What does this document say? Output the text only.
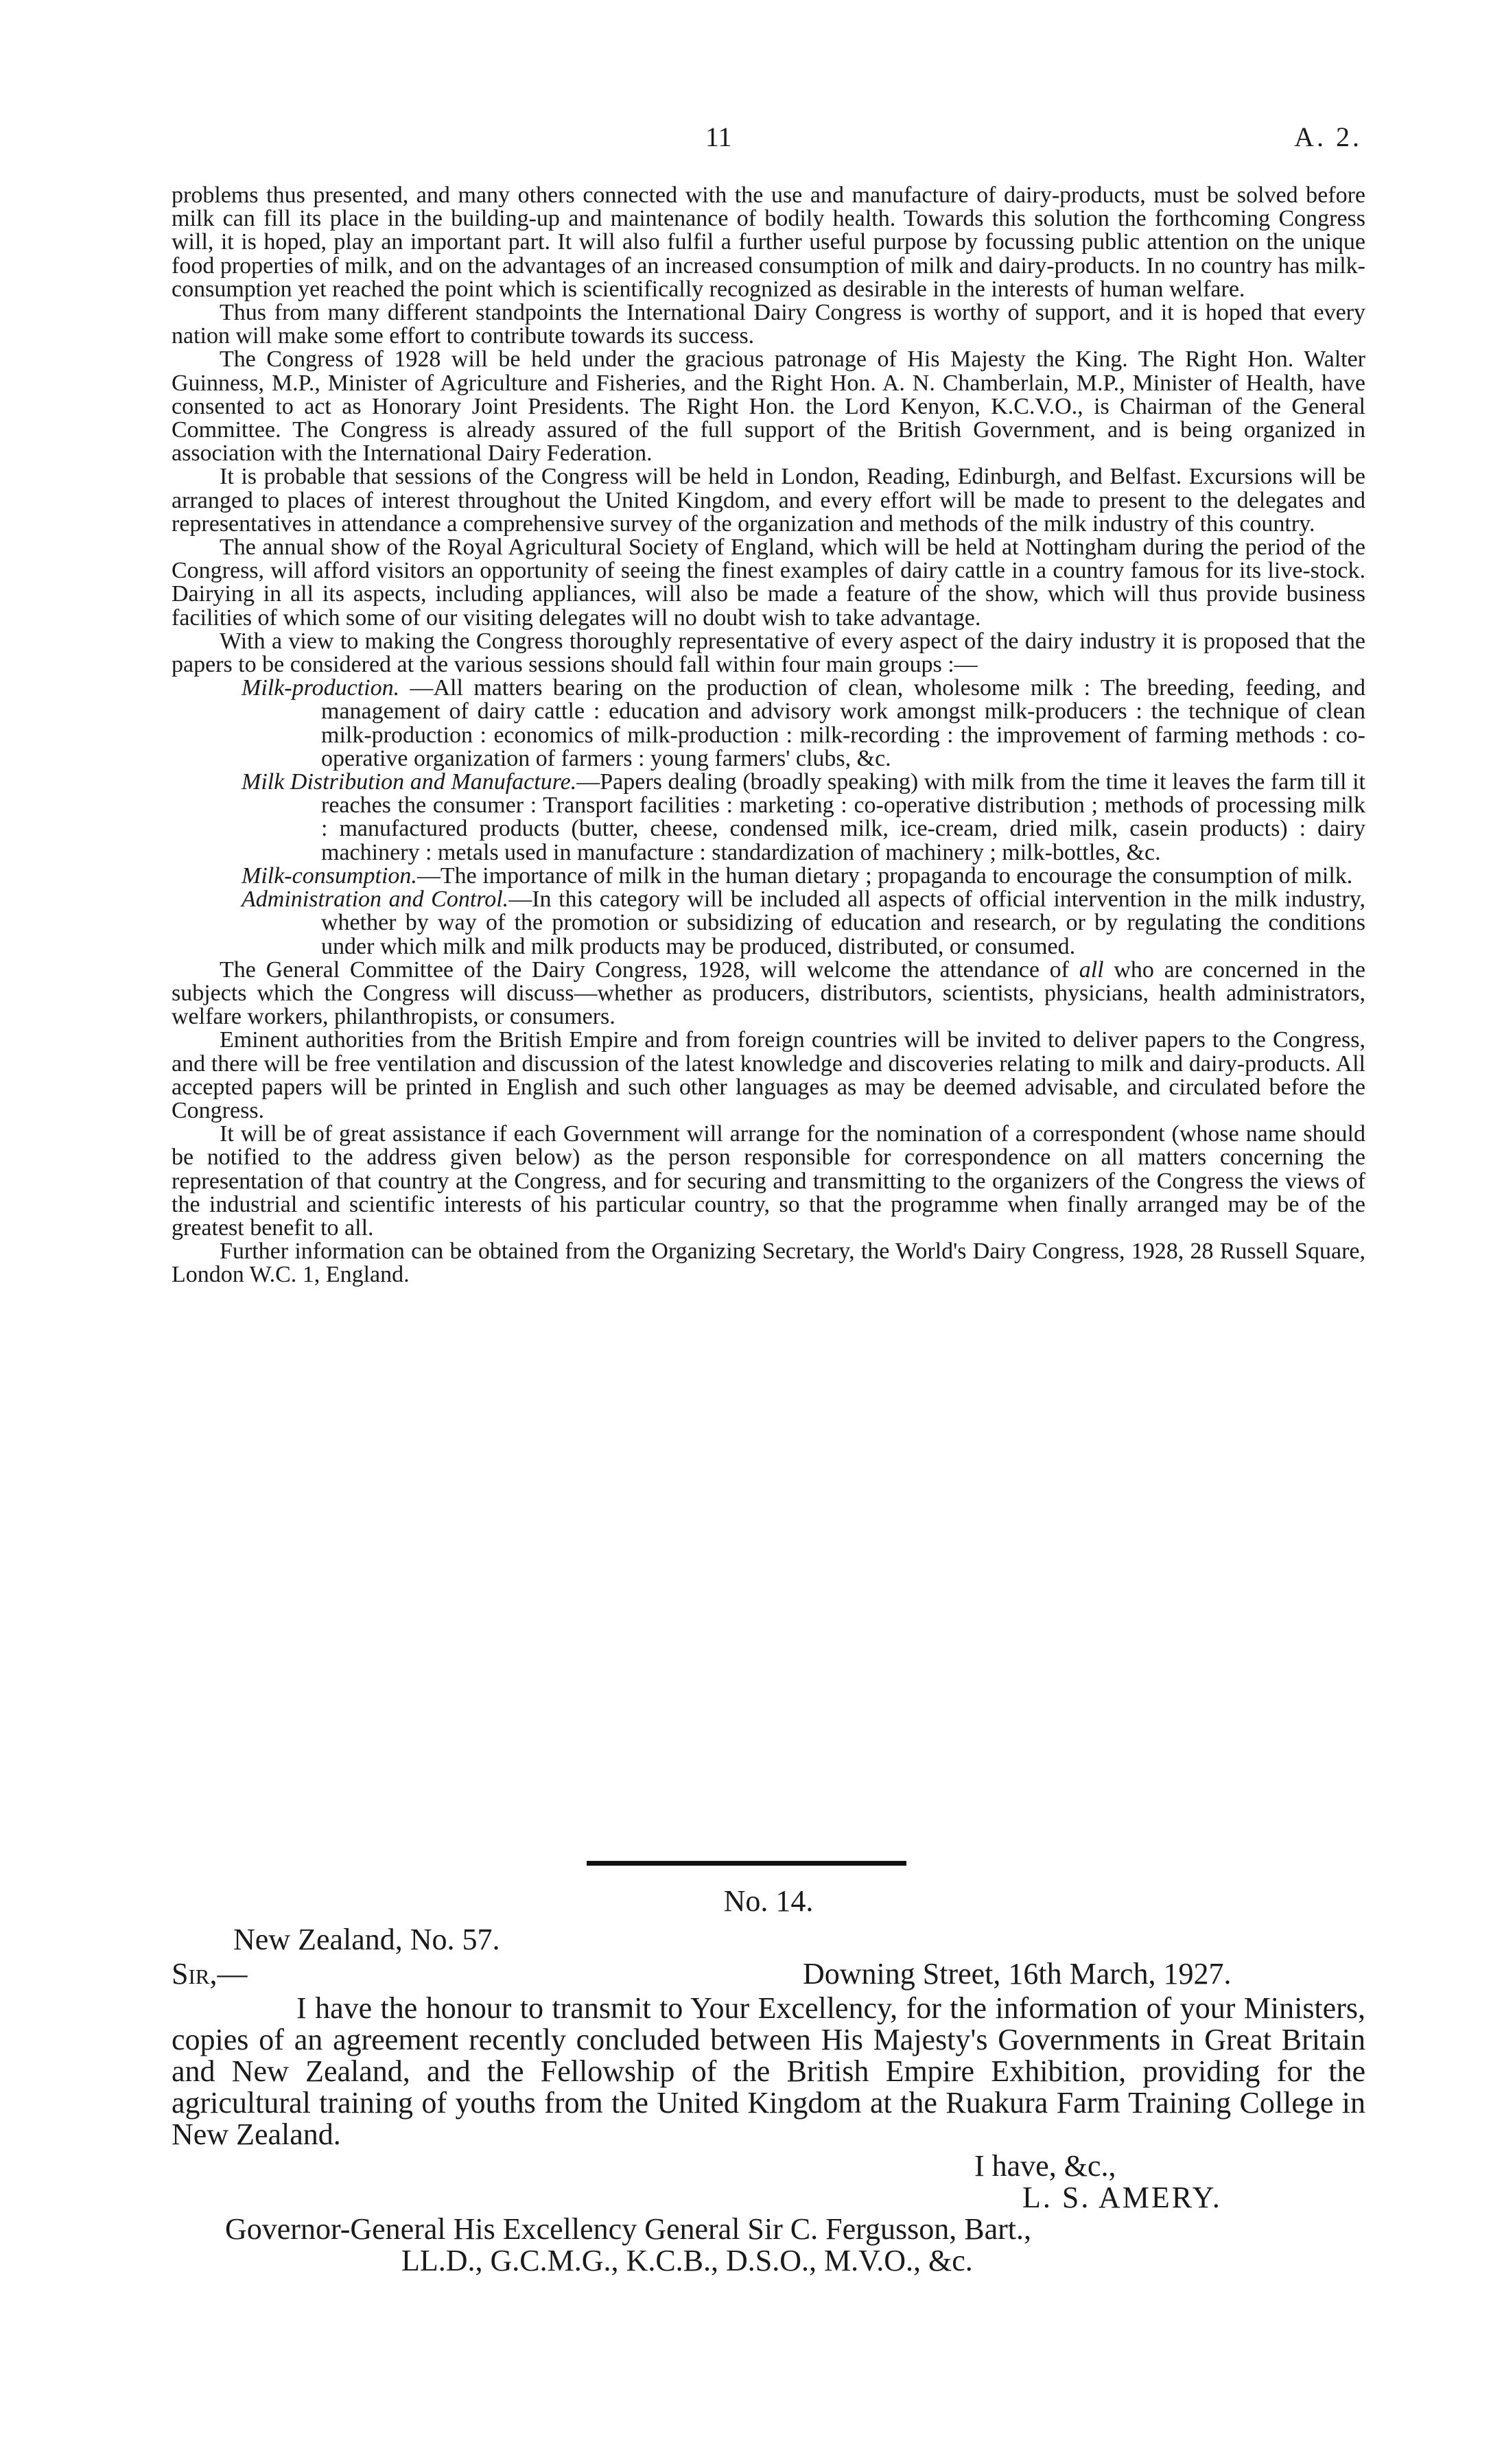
11	A. 2.

problems thus presented, and many others connected with the use and manufacture of dairy-products, must be solved before milk can fill its place in the building-up and maintenance of bodily health. Towards this solution the forthcoming Congress will, it is hoped, play an important part. It will also fulfil a further useful purpose by focussing public attention on the unique food properties of milk, and on the advantages of an increased consumption of milk and dairy-products. In no country has milk-consumption yet reached the point which is scientifically recognized as desirable in the interests of human welfare.

Thus from many different standpoints the International Dairy Congress is worthy of support, and it is hoped that every nation will make some effort to contribute towards its success.

The Congress of 1928 will be held under the gracious patronage of His Majesty the King. The Right Hon. Walter Guinness, M.P., Minister of Agriculture and Fisheries, and the Right Hon. A. N. Chamberlain, M.P., Minister of Health, have consented to act as Honorary Joint Presidents. The Right Hon. the Lord Kenyon, K.C.V.O., is Chairman of the General Committee. The Congress is already assured of the full support of the British Government, and is being organized in association with the International Dairy Federation.

It is probable that sessions of the Congress will be held in London, Reading, Edinburgh, and Belfast. Excursions will be arranged to places of interest throughout the United Kingdom, and every effort will be made to present to the delegates and representatives in attendance a comprehensive survey of the organization and methods of the milk industry of this country.

The annual show of the Royal Agricultural Society of England, which will be held at Nottingham during the period of the Congress, will afford visitors an opportunity of seeing the finest examples of dairy cattle in a country famous for its live-stock. Dairying in all its aspects, including appliances, will also be made a feature of the show, which will thus provide business facilities of which some of our visiting delegates will no doubt wish to take advantage.

With a view to making the Congress thoroughly representative of every aspect of the dairy industry it is proposed that the papers to be considered at the various sessions should fall within four main groups :—

Milk-production. —All matters bearing on the production of clean, wholesome milk : The breeding, feeding, and management of dairy cattle : education and advisory work amongst milk-producers : the technique of clean milk-production : economics of milk-production : milk-recording : the improvement of farming methods : co-operative organization of farmers : young farmers' clubs, &c.
Milk Distribution and Manufacture.—Papers dealing (broadly speaking) with milk from the time it leaves the farm till it reaches the consumer : Transport facilities : marketing : co-operative distribution ; methods of processing milk : manufactured products (butter, cheese, condensed milk, ice-cream, dried milk, casein products) : dairy machinery : metals used in manufacture : standardization of machinery ; milk-bottles, &c.
Milk-consumption.—The importance of milk in the human dietary ; propaganda to encourage the consumption of milk.
Administration and Control.—In this category will be included all aspects of official intervention in the milk industry, whether by way of the promotion or subsidizing of education and research, or by regulating the conditions under which milk and milk products may be produced, distributed, or consumed.

The General Committee of the Dairy Congress, 1928, will welcome the attendance of all who are concerned in the subjects which the Congress will discuss—whether as producers, distributors, scientists, physicians, health administrators, welfare workers, philanthropists, or consumers.

Eminent authorities from the British Empire and from foreign countries will be invited to deliver papers to the Congress, and there will be free ventilation and discussion of the latest knowledge and discoveries relating to milk and dairy-products. All accepted papers will be printed in English and such other languages as may be deemed advisable, and circulated before the Congress.

It will be of great assistance if each Government will arrange for the nomination of a correspondent (whose name should be notified to the address given below) as the person responsible for correspondence on all matters concerning the representation of that country at the Congress, and for securing and transmitting to the organizers of the Congress the views of the industrial and scientific interests of his particular country, so that the programme when finally arranged may be of the greatest benefit to all.

Further information can be obtained from the Organizing Secretary, the World's Dairy Congress, 1928, 28 Russell Square, London W.C. 1, England.

No. 14.
New Zealand, No. 57.
Sir,—	Downing Street, 16th March, 1927.

I have the honour to transmit to Your Excellency, for the information of your Ministers, copies of an agreement recently concluded between His Majesty's Governments in Great Britain and New Zealand, and the Fellowship of the British Empire Exhibition, providing for the agricultural training of youths from the United Kingdom at the Ruakura Farm Training College in New Zealand.

I have, &c.,
L. S. AMERY.
Governor-General His Excellency General Sir C. Fergusson, Bart.,
LL.D., G.C.M.G., K.C.B., D.S.O., M.V.O., &c.
